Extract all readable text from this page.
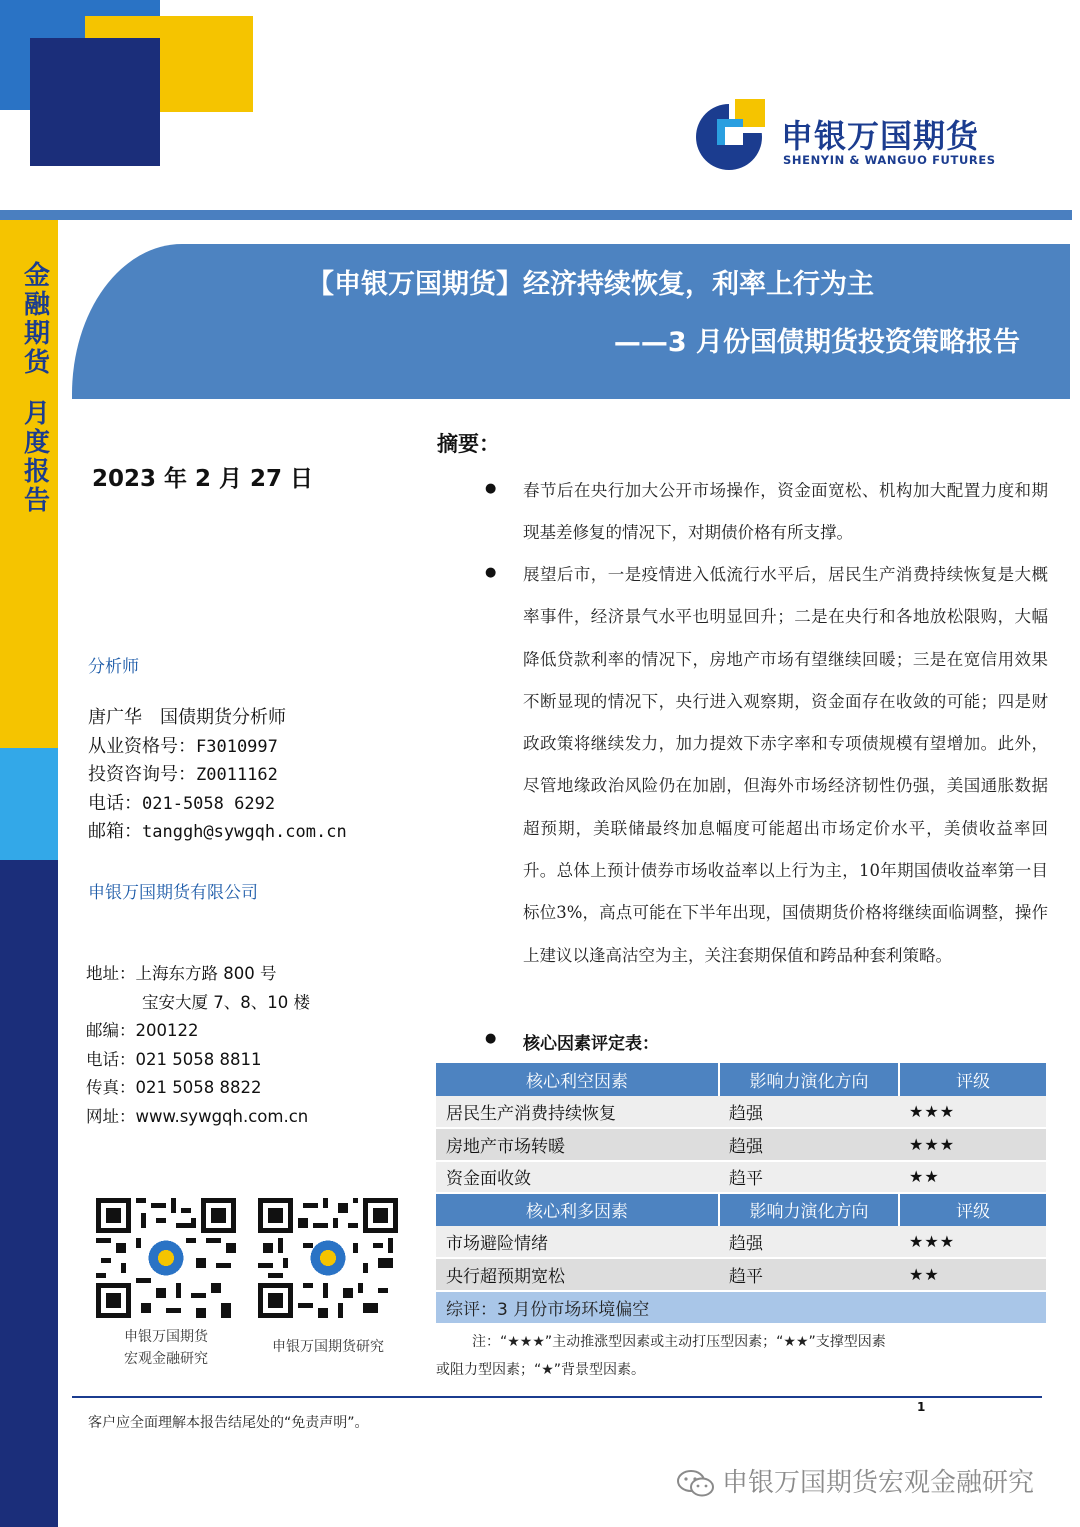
申银万国期货
SHENYIN & WANGUO FUTURES
金
融
期
货
月
度
报
告
【申银万国期货】经济持续恢复，利率上行为主
——3 月份国债期货投资策略报告
2023 年 2 月 27 日
分析师
唐广华　国债期货分析师
从业资格号：F3010997
投资咨询号：Z0011162
电话：021-5058 6292
邮箱：tanggh@sywgqh.com.cn
申银万国期货有限公司
地址：上海东方路 800 号
宝安大厦 7、8、10 楼
邮编：200122
电话：021 5058 8811
传真：021 5058 8822
网址：www.sywgqh.com.cn
申银万国期货
宏观金融研究
申银万国期货研究
摘要：
● 春节后在央行加大公开市场操作，资金面宽松、机构加大配置力度和期现基差修复的情况下，对期债价格有所支撑。

● 展望后市，一是疫情进入低流行水平后，居民生产消费持续恢复是大概率事件，经济景气水平也明显回升；二是在央行和各地放松限购，大幅降低贷款利率的情况下，房地产市场有望继续回暖；三是在宽信用效果不断显现的情况下，央行进入观察期，资金面存在收敛的可能；四是财政政策将继续发力，加力提效下赤字率和专项债规模有望增加。此外，尽管地缘政治风险仍在加剧，但海外市场经济韧性仍强，美国通胀数据超预期，美联储最终加息幅度可能超出市场定价水平，美债收益率回升。总体上预计债券市场收益率以上行为主，10年期国债收益率第一目标位3%，高点可能在下半年出现，国债期货价格将继续面临调整，操作上建议以逢高沽空为主，关注套期保值和跨品种套利策略。

● 核心因素评定表：
核心利空因素	影响力演化方向	评级
居民生产消费持续恢复	趋强	★★★
房地产市场转暖	趋强	★★★
资金面收敛	趋平	★★
核心利多因素	影响力演化方向	评级
市场避险情绪	趋强	★★★
央行超预期宽松	趋平	★★
综评：3 月份市场环境偏空		
注：“★★★”主动推涨型因素或主动打压型因素；“★★”支撑型因素
或阻力型因素；“★”背景型因素。
1
客户应全面理解本报告结尾处的“免责声明”。
申银万国期货宏观金融研究
